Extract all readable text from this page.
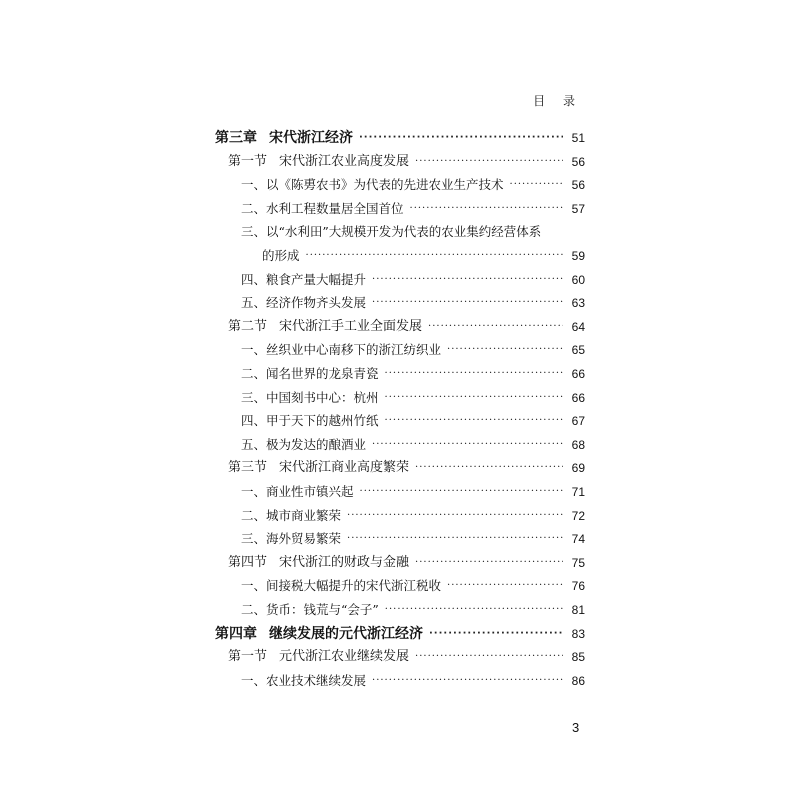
目 录
第三章 宋代浙江经济 ·····	51
第一节 宋代浙江农业高度发展 ·····	56
一、以《陈旉农书》为代表的先进农业生产技术 ·····	56
二、水利工程数量居全国首位 ·····	57
三、以“水利田”大规模开发为代表的农业集约经营体系
的形成 ·····	59
四、粮食产量大幅提升 ·····	60
五、经济作物齐头发展 ·····	63
第二节 宋代浙江手工业全面发展 ·····	64
一、丝织业中心南移下的浙江纺织业 ·····	65
二、闻名世界的龙泉青瓷 ·····	66
三、中国刻书中心：杭州 ·····	66
四、甲于天下的越州竹纸 ·····	67
五、极为发达的酿酒业 ·····	68
第三节 宋代浙江商业高度繁荣 ·····	69
一、商业性市镇兴起 ·····	71
二、城市商业繁荣 ·····	72
三、海外贸易繁荣 ·····	74
第四节 宋代浙江的财政与金融 ·····	75
一、间接税大幅提升的宋代浙江税收 ·····	76
二、货币：钱荒与“会子” ·····	81
第四章 继续发展的元代浙江经济 ·····	83
第一节 元代浙江农业继续发展 ·····	85
一、农业技术继续发展 ·····	86
3
